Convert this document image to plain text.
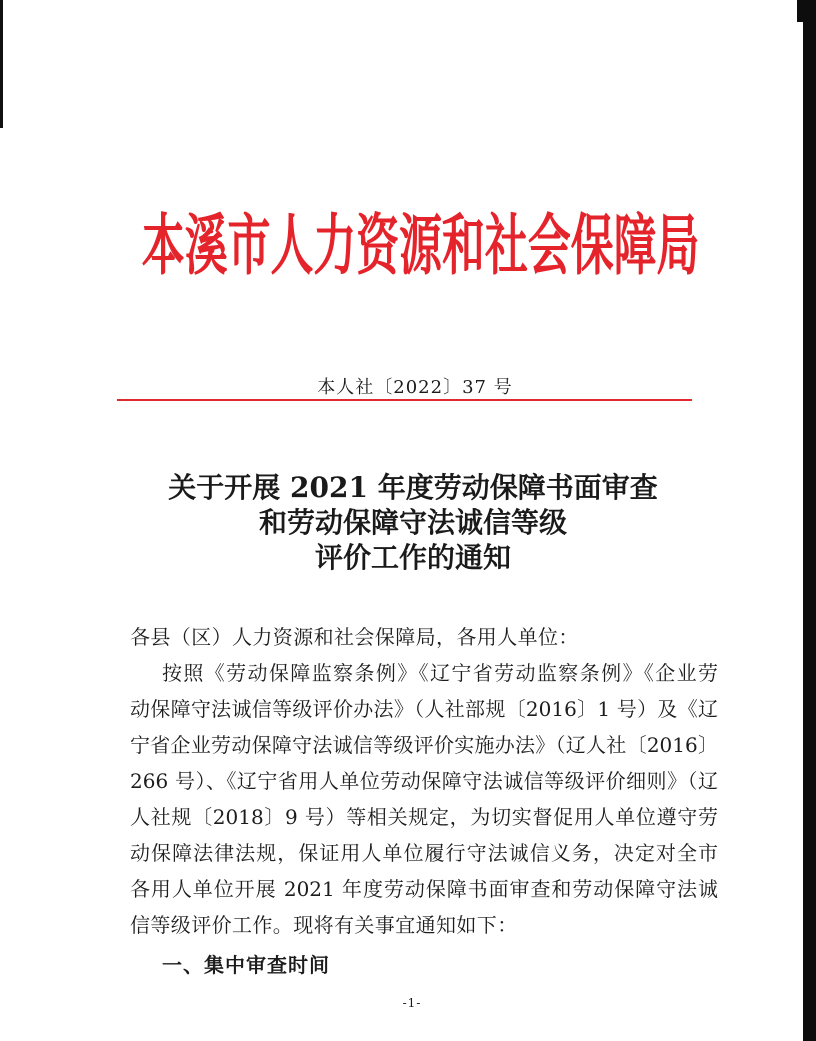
本溪市人力资源和社会保障局
本人社〔2022〕37 号
关于开展 2021 年度劳动保障书面审查
和劳动保障守法诚信等级
评价工作的通知
各县（区）人力资源和社会保障局，各用人单位：
按照《劳动保障监察条例》《辽宁省劳动监察条例》《企业劳
动保障守法诚信等级评价办法》（人社部规〔2016〕1 号）及《辽
宁省企业劳动保障守法诚信等级评价实施办法》（辽人社〔2016〕
266 号）、《辽宁省用人单位劳动保障守法诚信等级评价细则》（辽
人社规〔2018〕9 号）等相关规定，为切实督促用人单位遵守劳
动保障法律法规，保证用人单位履行守法诚信义务，决定对全市
各用人单位开展 2021 年度劳动保障书面审查和劳动保障守法诚
信等级评价工作。现将有关事宜通知如下：
一、集中审查时间
-1-
